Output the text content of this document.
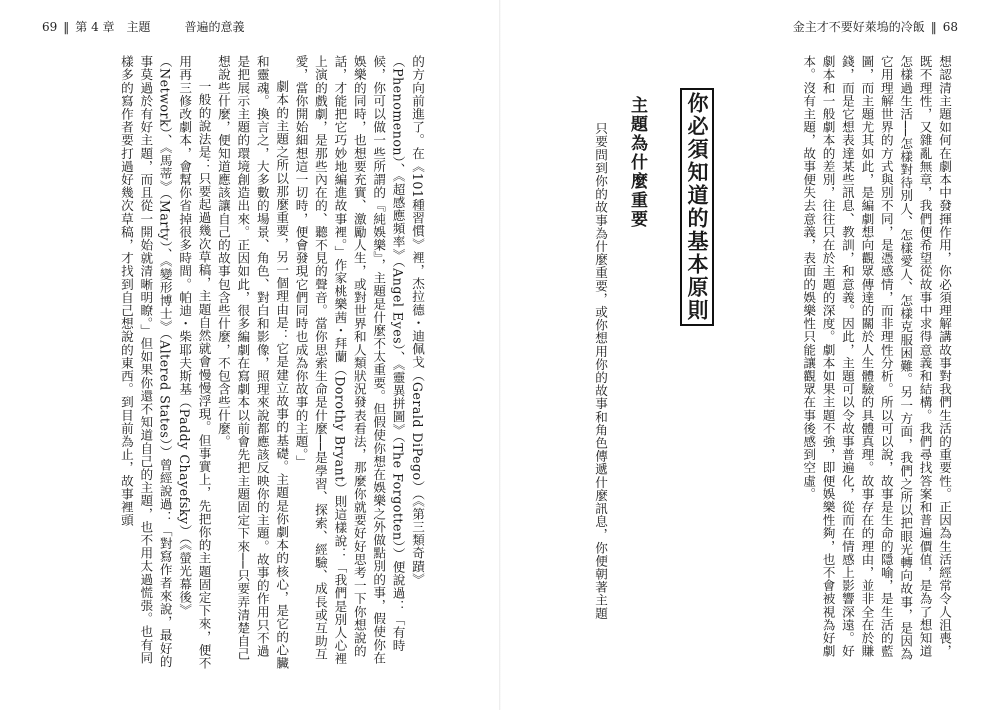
69 ‖ 第 4 章　主題	普遍的意義	金主才不要好萊塢的冷飯 ‖ 68

想認清主題如何在劇本中發揮作用，你必須理解講故事對我們生活的重要性。正因為生活經常令人沮喪，既不理性，又雜亂無章，我們便希望從故事中求得意義和結構。我們尋找答案和普遍價值，是為了想知道怎樣過生活──怎樣對待別人、怎樣愛人、怎樣克服困難。另一方面，我們之所以把眼光轉向故事，是因為它用理解世界的方式與別不同，是憑感情，而非理性分析。所以可以說，故事是生命的隱喻，是生活的藍圖，而主題尤其如此，是編劇想向觀眾傳達的關於人生體驗的具體真理。故事存在的理由，並非全在於賺錢，而是它想表達某些訊息、教訓，和意義。因此，主題可以令故事普遍化，從而在情感上影響深遠。好劇本和一般劇本的差別，往往只在於主題的深度。劇本如果主題不強，即便娛樂性夠，也不會被視為好劇本。沒有主題，故事便失去意義，表面的娛樂性只能讓觀眾在事後感到空虛。

你必須知道的基本原則
主題為什麼重要

只要問到你的故事為什麼重要，或你想用你的故事和角色傳遞什麼訊息，你便朝著主題

的方向前進了。在《101種習慣》裡，杰拉德・迪佩戈（Gerald DiPego）（《第三類奇蹟》（Phenomenon）、《超感應頻率》（Angel Eyes）、《靈異拼圖》（The Forgotten））便說過：「有時候，你可以做一些所謂的『純娛樂』，主題是什麼不太重要。但假使你想在娛樂之外做點別的事，假使你在娛樂的同時，也想要充實、激勵人生，或對世界和人類狀況發表看法，那麼你就要好好思考一下你想說的話，才能把它巧妙地編進故事裡。」作家桃樂茜・拜蘭（Dorothy Bryant）則這樣說：「我們是別人心裡上演的戲劇，是那些內在的、聽不見的聲音。當你思索生命是什麼──是學習、探索、經驗、成長或互助互愛，當你開始細想這一切時，便會發現它們同時也成為你故事的主題。」

劇本的主題之所以那麼重要，另一個理由是：它是建立故事的基礎。主題是你劇本的核心，是它的心臟和靈魂。換言之，大多數的場景、角色、對白和影像，照理來說都應該反映你的主題。故事的作用只不過是把展示主題的環境創造出來。正因如此，很多編劇在寫劇本以前會先把主題固定下來──只要弄清楚自己想說些什麼，便知道應該讓自己的故事包含些什麼，不包含些什麼。

一般的說法是：只要起過幾次草稿，主題自然就會慢慢浮現。但事實上，先把你的主題固定下來，便不用再三修改劇本，會幫你省掉很多時間。帕迪・柴耶夫斯基（Paddy Chayefsky）（《螢光幕後》（Network）、《馬蒂》（Marty）、《變形博士》（Altered States））曾經說過：「對寫作者來說，最好的事莫過於有好主題，而且從一開始就清晰明瞭。」但如果你還不知道自己的主題，也不用太過慌張。也有同樣多的寫作者要打過好幾次草稿，才找到自己想說的東西。到目前為止，故事裡頭
